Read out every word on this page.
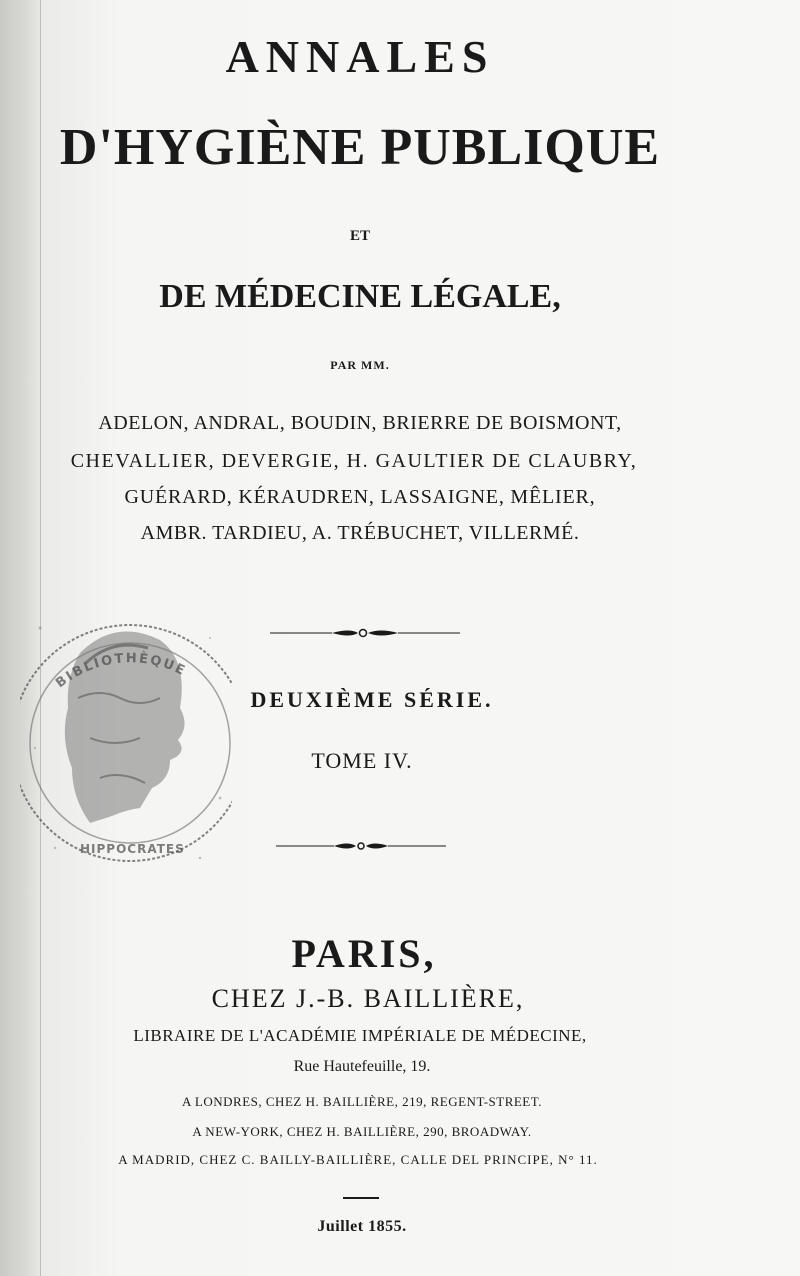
ANNALES
D'HYGIÈNE PUBLIQUE
ET
DE MÉDECINE LÉGALE,
PAR MM.
ADELON, ANDRAL, BOUDIN, BRIERRE DE BOISMONT,
CHEVALLIER, DEVERGIE, H. GAULTIER DE CLAUBRY,
GUÉRARD, KÉRAUDREN, LASSAIGNE, MÊLIER,
AMBR. TARDIEU, A. TRÉBUCHET, VILLERMÉ.
DEUXIÈME SÉRIE.
TOME IV.
PARIS,
CHEZ J.-B. BAILLIÈRE,
LIBRAIRE DE L'ACADÉMIE IMPÉRIALE DE MÉDECINE,
Rue Hautefeuille, 19.
A LONDRES, CHEZ H. BAILLIÈRE, 219, REGENT-STREET.
A NEW-YORK, CHEZ H. BAILLIÈRE, 290, BROADWAY.
A MADRID, CHEZ C. BAILLY-BAILLIÈRE, CALLE DEL PRINCIPE, N° 11.
Juillet 1855.
BIBLIOTHÈQUE
HIPPOCRATES
